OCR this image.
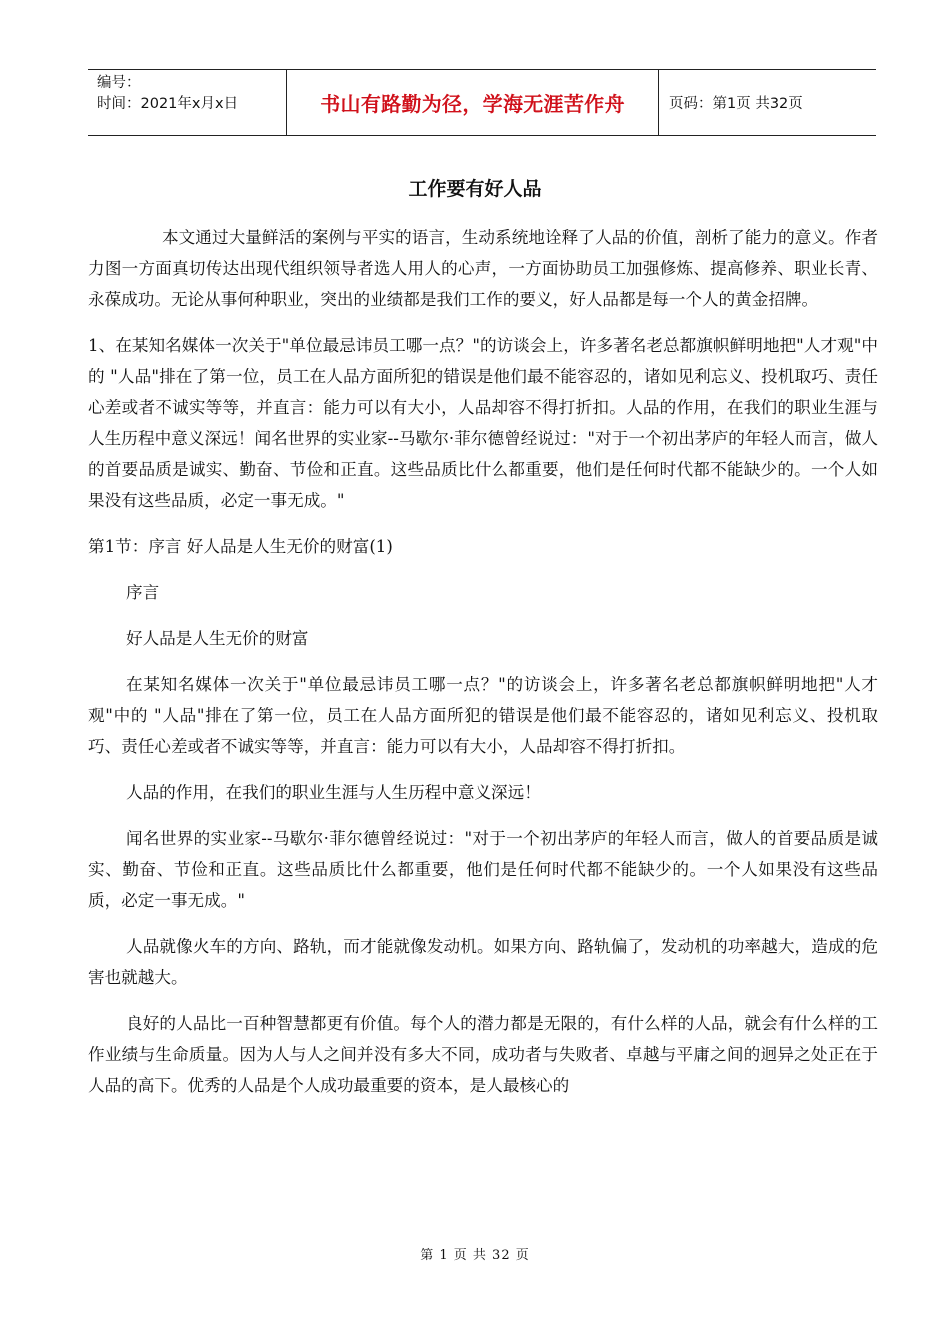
编号：
时间：2021年x月x日	书山有路勤为径，学海无涯苦作舟	页码：第1页 共32页
工作要有好人品

本文通过大量鲜活的案例与平实的语言，生动系统地诠释了人品的价值，剖析了能力的意义。作者力图一方面真切传达出现代组织领导者选人用人的心声，一方面协助员工加强修炼、提高修养、职业长青、永葆成功。无论从事何种职业，突出的业绩都是我们工作的要义，好人品都是每一个人的黄金招牌。

1、在某知名媒体一次关于"单位最忌讳员工哪一点？"的访谈会上，许多著名老总都旗帜鲜明地把"人才观"中的 "人品"排在了第一位，员工在人品方面所犯的错误是他们最不能容忍的，诸如见利忘义、投机取巧、责任心差或者不诚实等等，并直言：能力可以有大小，人品却容不得打折扣。人品的作用，在我们的职业生涯与人生历程中意义深远！闻名世界的实业家--马歇尔·菲尔德曾经说过："对于一个初出茅庐的年轻人而言，做人的首要品质是诚实、勤奋、节俭和正直。这些品质比什么都重要，他们是任何时代都不能缺少的。一个人如果没有这些品质，必定一事无成。"

第1节：序言 好人品是人生无价的财富(1)

序言

好人品是人生无价的财富

在某知名媒体一次关于"单位最忌讳员工哪一点？"的访谈会上，许多著名老总都旗帜鲜明地把"人才观"中的 "人品"排在了第一位，员工在人品方面所犯的错误是他们最不能容忍的，诸如见利忘义、投机取巧、责任心差或者不诚实等等，并直言：能力可以有大小，人品却容不得打折扣。

人品的作用，在我们的职业生涯与人生历程中意义深远！

闻名世界的实业家--马歇尔·菲尔德曾经说过："对于一个初出茅庐的年轻人而言，做人的首要品质是诚实、勤奋、节俭和正直。这些品质比什么都重要，他们是任何时代都不能缺少的。一个人如果没有这些品质，必定一事无成。"

人品就像火车的方向、路轨，而才能就像发动机。如果方向、路轨偏了，发动机的功率越大，造成的危害也就越大。

良好的人品比一百种智慧都更有价值。每个人的潜力都是无限的，有什么样的人品，就会有什么样的工作业绩与生命质量。因为人与人之间并没有多大不同，成功者与失败者、卓越与平庸之间的迥异之处正在于人品的高下。优秀的人品是个人成功最重要的资本，是人最核心的

第 1 页 共 32 页
